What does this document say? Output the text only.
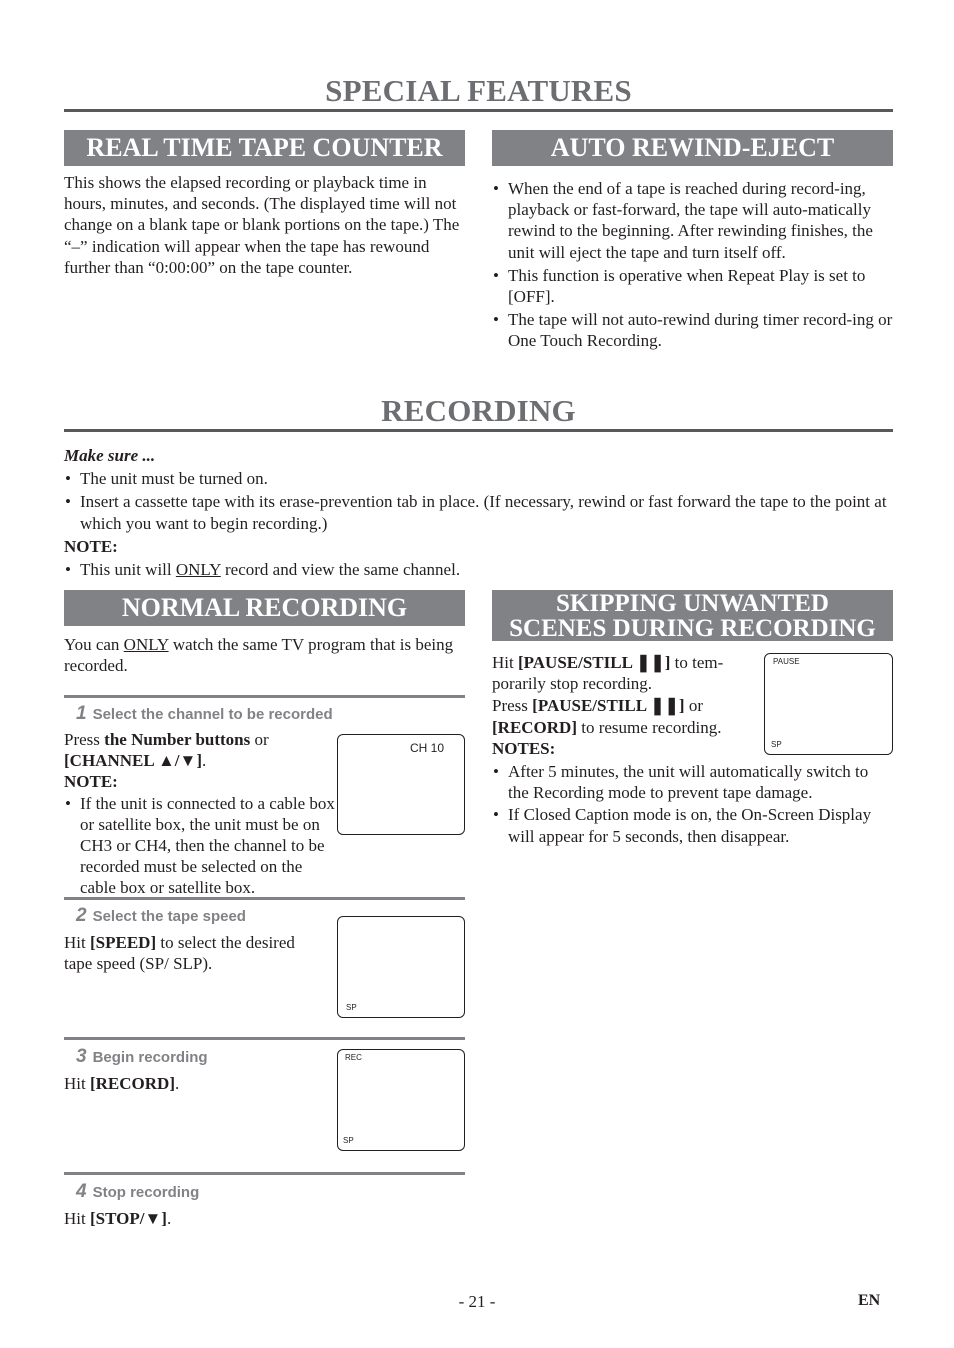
SPECIAL FEATURES
REAL TIME TAPE COUNTER
This shows the elapsed recording or playback time in hours, minutes, and seconds. (The displayed time will not change on a blank tape or blank portions on the tape.) The “–” indication will appear when the tape has rewound further than “0:00:00” on the tape counter.
AUTO REWIND-EJECT

• When the end of a tape is reached during record-ing, playback or fast-forward, the tape will auto-matically rewind to the beginning. After rewinding finishes, the unit will eject the tape and turn itself off.

• This function is operative when Repeat Play is set to [OFF].

• The tape will not auto-rewind during timer record-ing or One Touch Recording.

RECORDING
Make sure ...

• The unit must be turned on.

• Insert a cassette tape with its erase-prevention tab in place. (If necessary, rewind or fast forward the tape to the point at which you want to begin recording.)

NOTE:

• This unit will ONLY record and view the same channel.

NORMAL RECORDING
You can ONLY watch the same TV program that is being recorded.
1 Select the channel to be recorded
Press the Number buttons or
[CHANNEL ▲/▼].
NOTE:

• If the unit is connected to a cable box or satellite box, the unit must be on CH3 or CH4, then the channel to be recorded must be selected on the cable box or satellite box.

CH 10
2 Select the tape speed
Hit [SPEED] to select the desired tape speed (SP/ SLP).
SP
3 Begin recording
Hit [RECORD].
REC
SP
4 Stop recording
Hit [STOP/▼].
SKIPPING UNWANTED
SCENES DURING RECORDING
Hit [PAUSE/STILL ❚❚] to tem-porarily stop recording.
Press [PAUSE/STILL ❚❚] or
[RECORD] to resume recording.
NOTES:

• After 5 minutes, the unit will automatically switch to the Recording mode to prevent tape damage.

• If Closed Caption mode is on, the On-Screen Display will appear for 5 seconds, then disappear.

PAUSE
SP
- 21 -	EN
